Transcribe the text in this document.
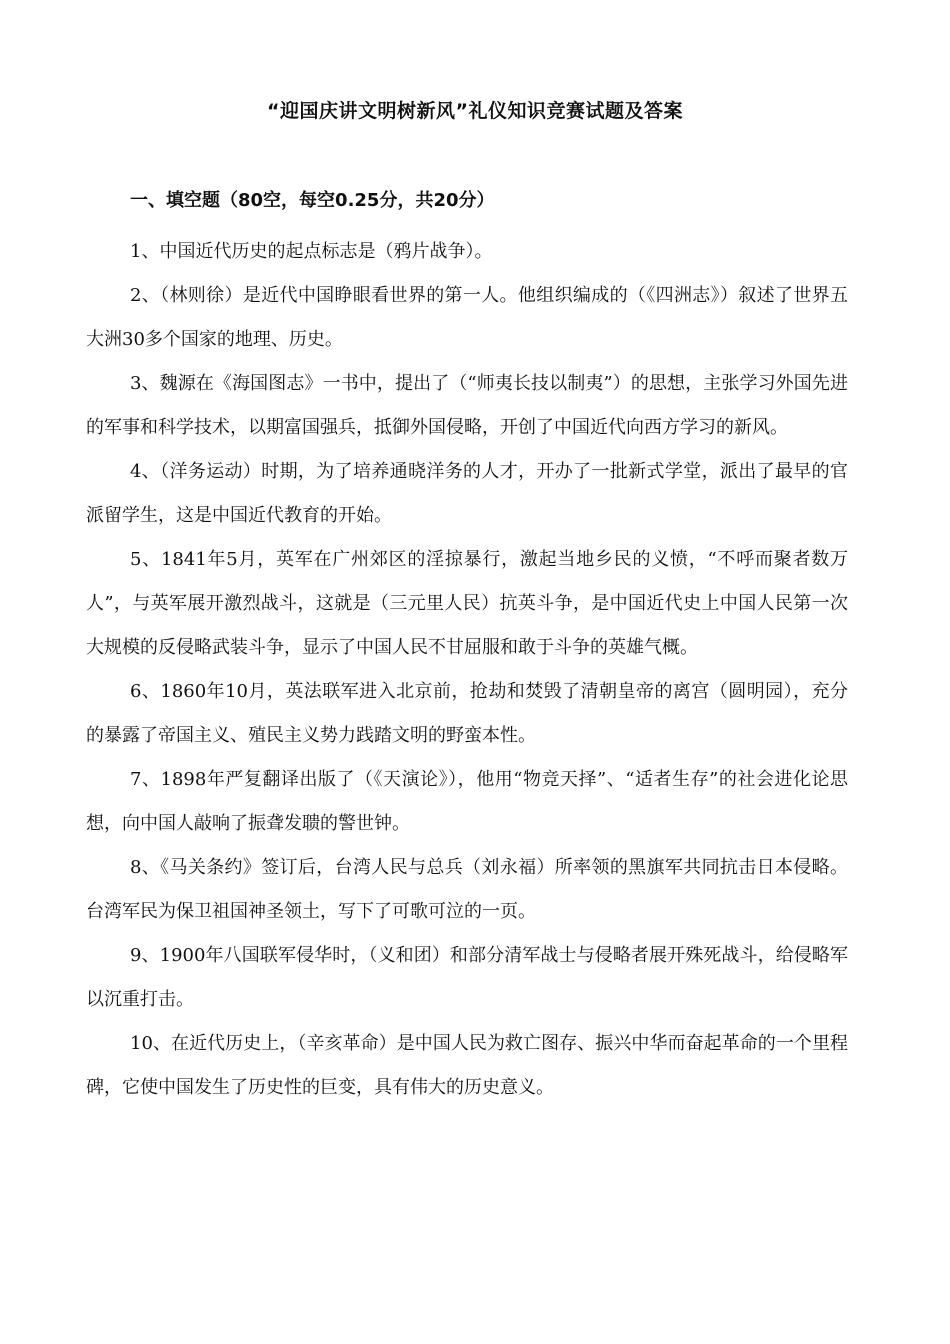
“迎国庆讲文明树新风”礼仪知识竞赛试题及答案
一、填空题（80空，每空0.25分，共20分）

1、中国近代历史的起点标志是（鸦片战争）。

2、（林则徐）是近代中国睁眼看世界的第一人。他组织编成的（《四洲志》）叙述了世界五大洲30多个国家的地理、历史。

3、魏源在《海国图志》一书中，提出了（“师夷长技以制夷”）的思想，主张学习外国先进的军事和科学技术，以期富国强兵，抵御外国侵略，开创了中国近代向西方学习的新风。

4、（洋务运动）时期，为了培养通晓洋务的人才，开办了一批新式学堂，派出了最早的官派留学生，这是中国近代教育的开始。

5、1841年5月，英军在广州郊区的淫掠暴行，激起当地乡民的义愤，“不呼而聚者数万人”，与英军展开激烈战斗，这就是（三元里人民）抗英斗争，是中国近代史上中国人民第一次大规模的反侵略武装斗争，显示了中国人民不甘屈服和敢于斗争的英雄气概。

6、1860年10月，英法联军进入北京前，抢劫和焚毁了清朝皇帝的离宫（圆明园），充分的暴露了帝国主义、殖民主义势力践踏文明的野蛮本性。

7、1898年严复翻译出版了（《天演论》），他用“物竞天择”、“适者生存”的社会进化论思想，向中国人敲响了振聋发聩的警世钟。

8、《马关条约》签订后，台湾人民与总兵（刘永福）所率领的黑旗军共同抗击日本侵略。台湾军民为保卫祖国神圣领土，写下了可歌可泣的一页。

9、1900年八国联军侵华时，（义和团）和部分清军战士与侵略者展开殊死战斗，给侵略军以沉重打击。

10、在近代历史上，（辛亥革命）是中国人民为救亡图存、振兴中华而奋起革命的一个里程碑，它使中国发生了历史性的巨变，具有伟大的历史意义。
